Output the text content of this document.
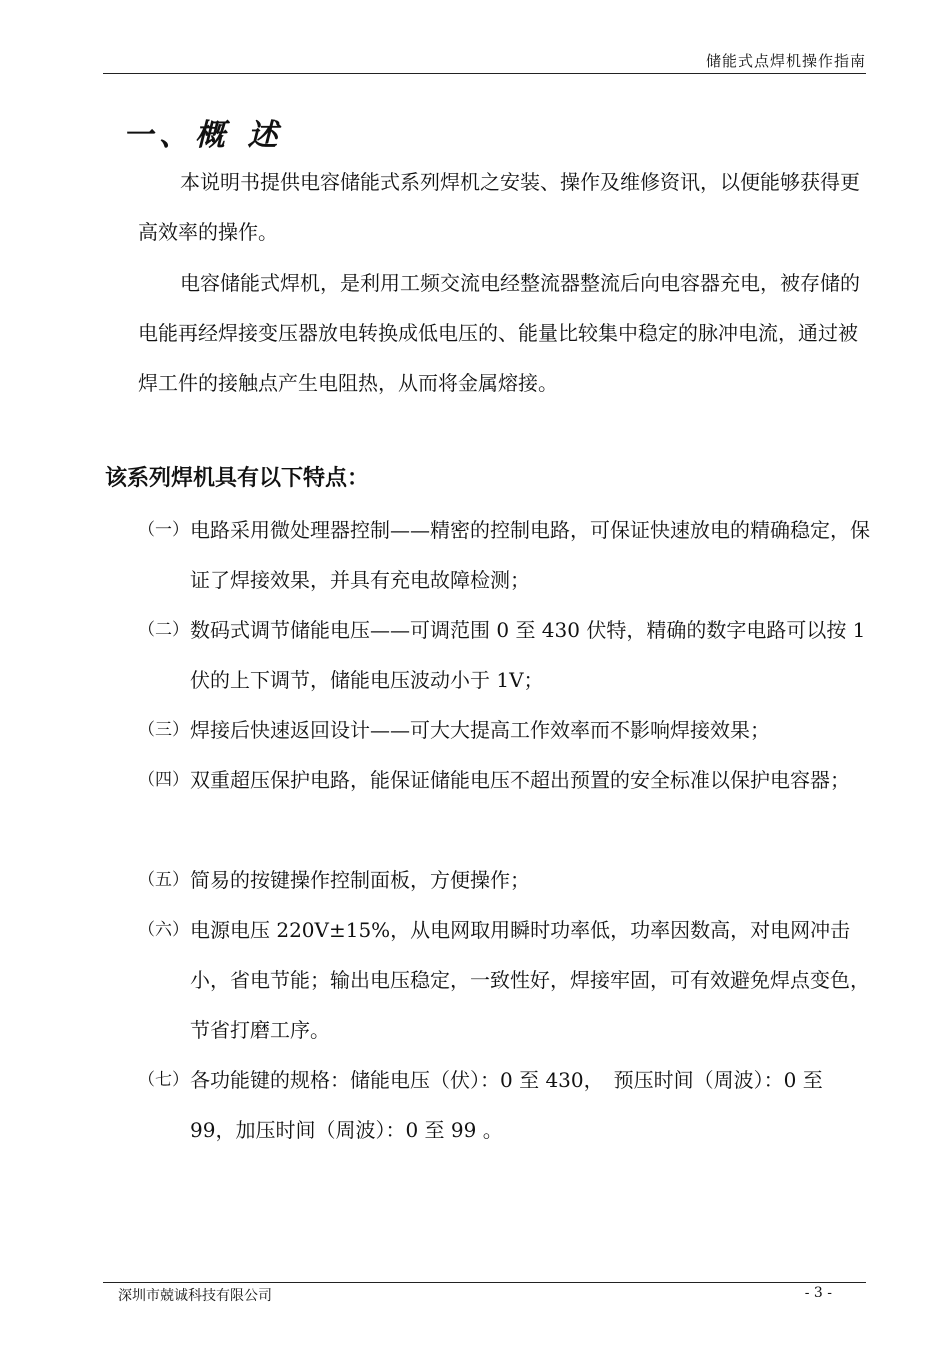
储能式点焊机操作指南
一、概 述

本说明书提供电容储能式系列焊机之安装、操作及维修资讯，以便能够获得更高效率的操作。

电容储能式焊机，是利用工频交流电经整流器整流后向电容器充电，被存储的电能再经焊接变压器放电转换成低电压的、能量比较集中稳定的脉冲电流，通过被焊工件的接触点产生电阻热，从而将金属熔接。

该系列焊机具有以下特点：
（一） 电路采用微处理器控制——精密的控制电路，可保证快速放电的精确稳定，保证了焊接效果，并具有充电故障检测；
（二） 数码式调节储能电压——可调范围 0 至 430 伏特，精确的数字电路可以按 1 伏的上下调节，储能电压波动小于 1V；
（三） 焊接后快速返回设计——可大大提高工作效率而不影响焊接效果；
（四） 双重超压保护电路，能保证储能电压不超出预置的安全标准以保护电容器；
（五） 简易的按键操作控制面板，方便操作；
（六） 电源电压 220V±15%，从电网取用瞬时功率低，功率因数高，对电网冲击小，省电节能；输出电压稳定，一致性好，焊接牢固，可有效避免焊点变色，节省打磨工序。
（七） 各功能键的规格：储能电压（伏）：0 至 430，　预压时间（周波）：0 至 99，加压时间（周波）：0 至 99 。
深圳市兢诚科技有限公司	- 3 -
